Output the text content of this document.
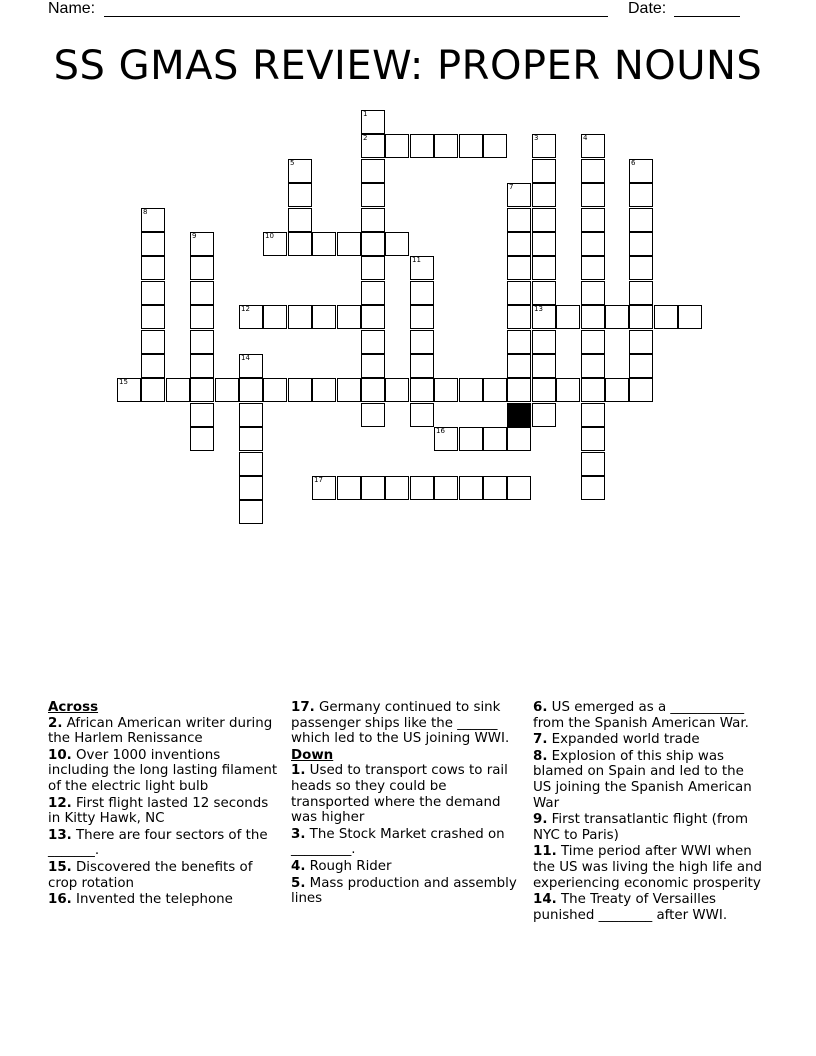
Name:	Date:
SS GMAS REVIEW: PROPER NOUNS
1
2	3
13
4
5	6
7
8
9	10
11
12
14
15
16
17
Across
2. African American writer during the Harlem Renissance
10. Over 1000 inventions including the long lasting filament of the electric light bulb
12. First flight lasted 12 seconds in Kitty Hawk, NC
13. There are four sectors of the _______.
15. Discovered the benefits of crop rotation
16. Invented the telephone
17. Germany continued to sink passenger ships like the ______ which led to the US joining WWI.
Down
1. Used to transport cows to rail heads so they could be transported where the demand was higher
3. The Stock Market crashed on _________.
4. Rough Rider
5. Mass production and assembly lines
6. US emerged as a ___________ from the Spanish American War.
7. Expanded world trade
8. Explosion of this ship was blamed on Spain and led to the US joining the Spanish American War
9. First transatlantic flight (from NYC to Paris)
11. Time period after WWI when the US was living the high life and experiencing economic prosperity
14. The Treaty of Versailles punished ________ after WWI.
